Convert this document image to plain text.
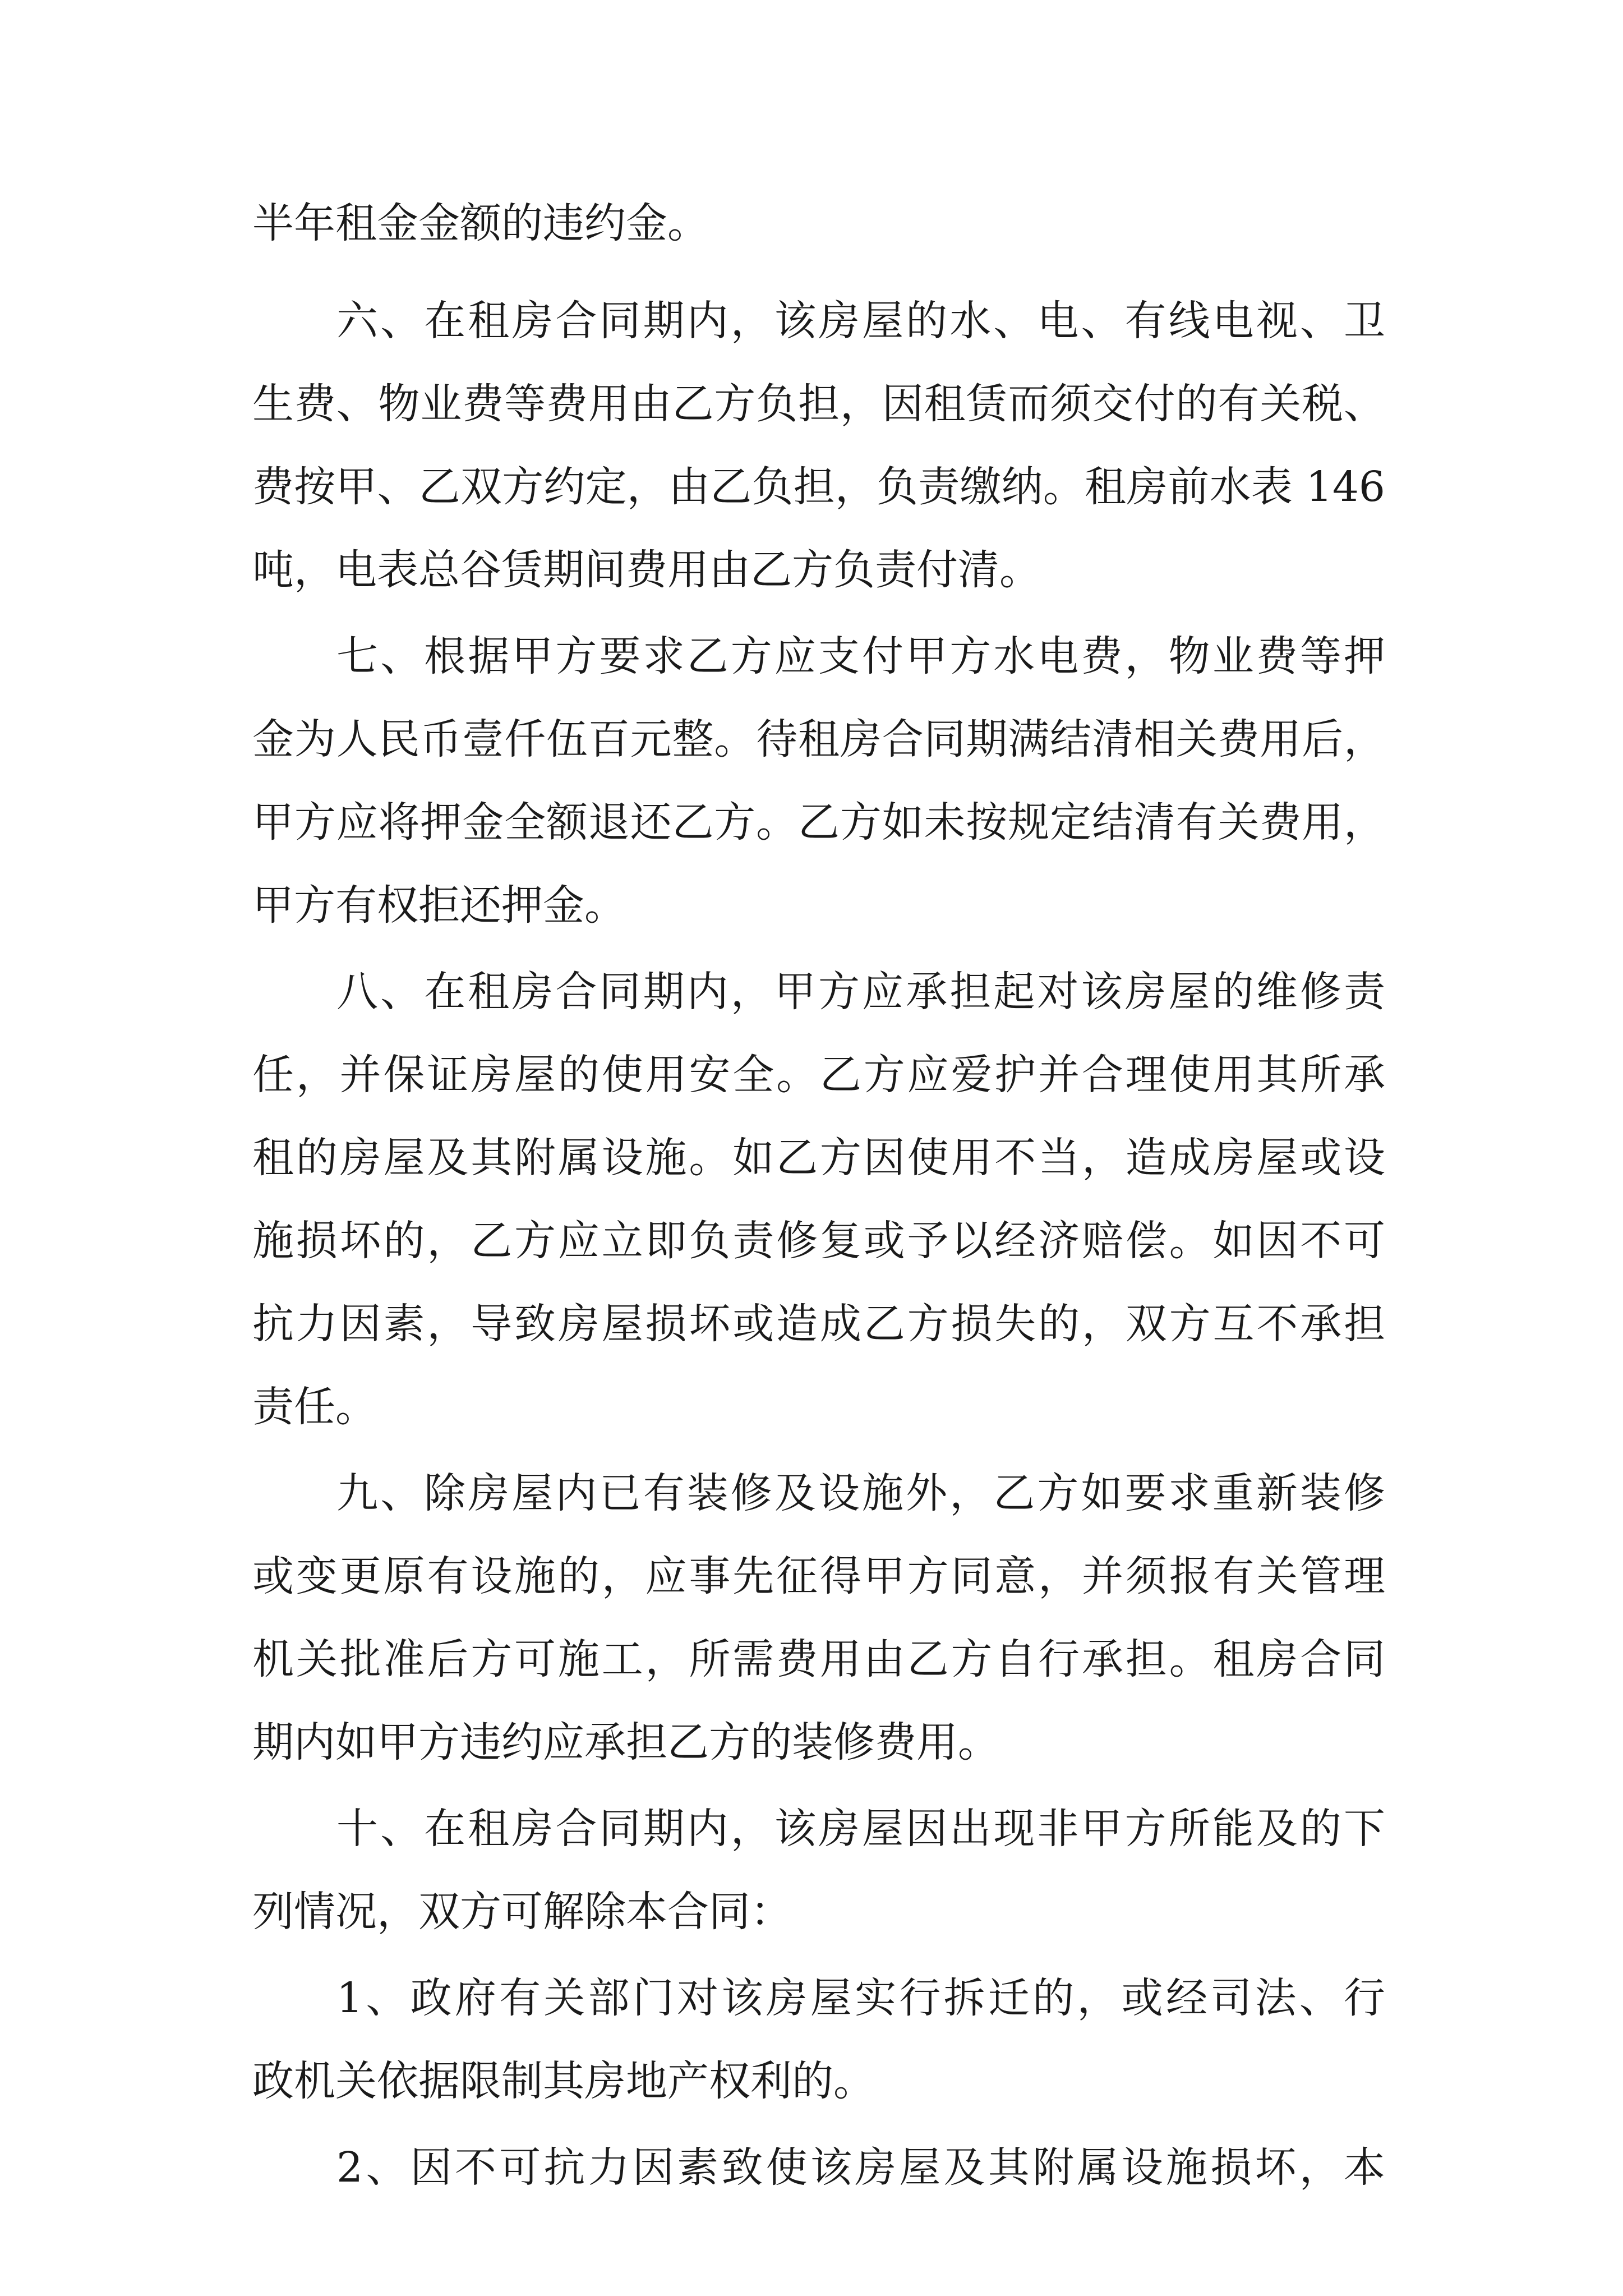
半年租金金额的违约金。

六、在租房合同期内，该房屋的水、电、有线电视、卫

生费、物业费等费用由乙方负担，因租赁而须交付的有关税、

费按甲、乙双方约定，由乙负担，负责缴纳。租房前水表 146

吨，电表总谷赁期间费用由乙方负责付清。

七、根据甲方要求乙方应支付甲方水电费，物业费等押

金为人民币壹仟伍百元整。待租房合同期满结清相关费用后，

甲方应将押金全额退还乙方。乙方如未按规定结清有关费用，

甲方有权拒还押金。

八、在租房合同期内，甲方应承担起对该房屋的维修责

任，并保证房屋的使用安全。乙方应爱护并合理使用其所承

租的房屋及其附属设施。如乙方因使用不当，造成房屋或设

施损坏的，乙方应立即负责修复或予以经济赔偿。如因不可

抗力因素，导致房屋损坏或造成乙方损失的，双方互不承担

责任。

九、除房屋内已有装修及设施外，乙方如要求重新装修

或变更原有设施的，应事先征得甲方同意，并须报有关管理

机关批准后方可施工，所需费用由乙方自行承担。租房合同

期内如甲方违约应承担乙方的装修费用。

十、在租房合同期内，该房屋因出现非甲方所能及的下

列情况，双方可解除本合同：

1、政府有关部门对该房屋实行拆迁的，或经司法、行

政机关依据限制其房地产权利的。

2、因不可抗力因素致使该房屋及其附属设施损坏，本
